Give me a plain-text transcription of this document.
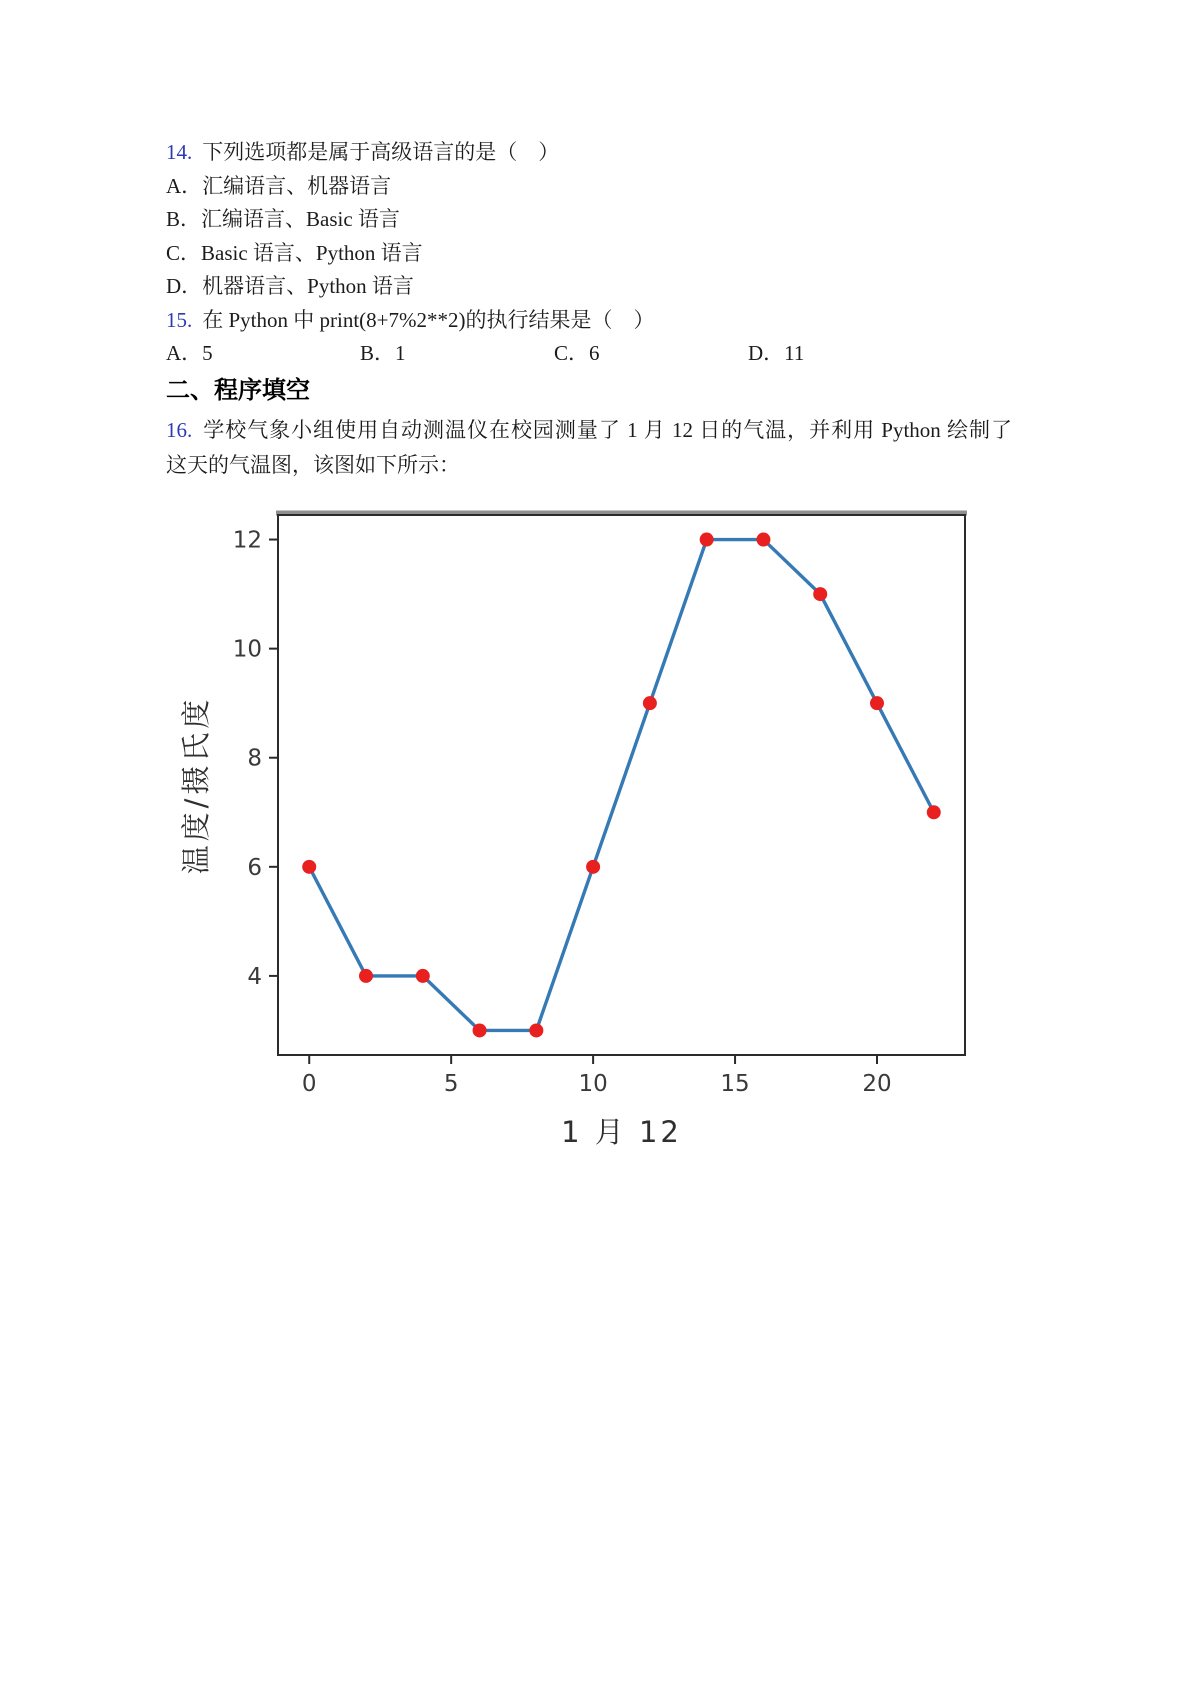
14. 下列选项都是属于高级语言的是（　）

A．汇编语言、机器语言

B．汇编语言、Basic 语言

C．Basic 语言、Python 语言

D．机器语言、Python 语言

15. 在 Python 中 print(8+7%2**2)的执行结果是（　）

A．5	B．1	C．6	D．11

二、程序填空

16. 学校气象小组使用自动测温仪在校园测量了 1 月 12 日的气温，并利用 Python 绘制了

这天的气温图，该图如下所示：

0	5	10	15	20
4
6
8
10
12
温度/摄氏度
1 月 12
